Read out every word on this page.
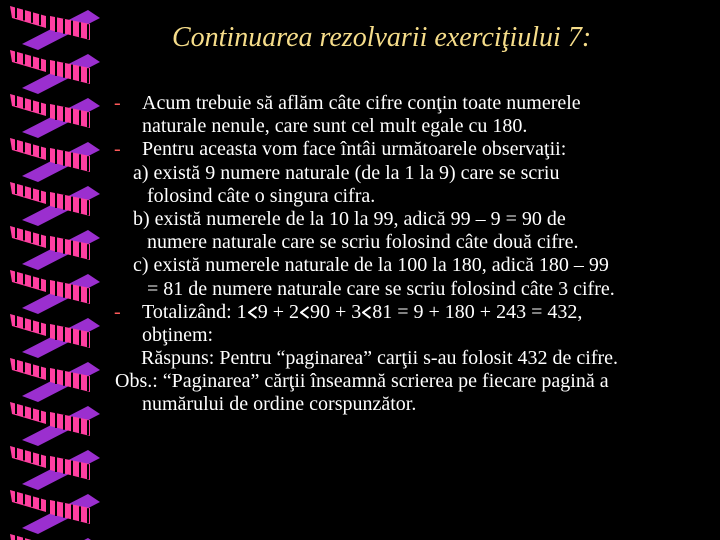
Continuarea rezolvarii exerciţiului 7:
- Acum trebuie să aflăm câte cifre conţin toate numerele
naturale nenule, care sunt cel mult egale cu 180.
- Pentru aceasta vom face întâi următoarele observaţii:
a) există 9 numere naturale (de la 1 la 9) care se scriu
folosind câte o singura cifra.
b) există numerele de la 10 la 99, adică 99 – 9 = 90 de
numere naturale care se scriu folosind câte două cifre.
c) există numerele naturale de la 100 la 180, adică 180 – 99
= 81 de numere naturale care se scriu folosind câte 3 cifre.
- Totalizând: 1 9 + 2 90 + 3 81 = 9 + 180 + 243 = 432,
obţinem:
Răspuns: Pentru “paginarea” carţii s-au folosit 432 de cifre.
Obs.: “Paginarea” cărţii înseamnă scrierea pe fiecare pagină a
numărului de ordine corspunzător.
